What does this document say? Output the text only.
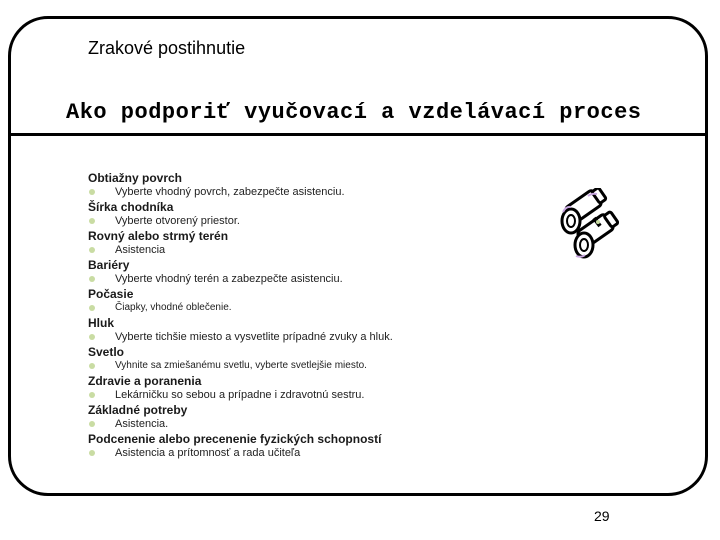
Zrakové postihnutie
Ako podporiť vyučovací a vzdelávací proces
Obtiažny povrch
Vyberte vhodný povrch, zabezpečte asistenciu.
Šírka chodníka
Vyberte otvorený priestor.
Rovný alebo strmý terén
Asistencia
Bariéry
Vyberte vhodný terén a zabezpečte asistenciu.
Počasie
Čiapky, vhodné oblečenie.
Hluk
Vyberte tichšie miesto a vysvetlite prípadné zvuky a hluk.
Svetlo
Vyhnite sa zmiešanému svetlu, vyberte svetlejšie miesto.
Zdravie a poranenia
Lekárničku so sebou a prípadne i zdravotnú sestru.
Základné potreby
Asistencia.
Podcenenie alebo precenenie fyzických schopností
Asistencia a prítomnosť a rada učiteľa
29
